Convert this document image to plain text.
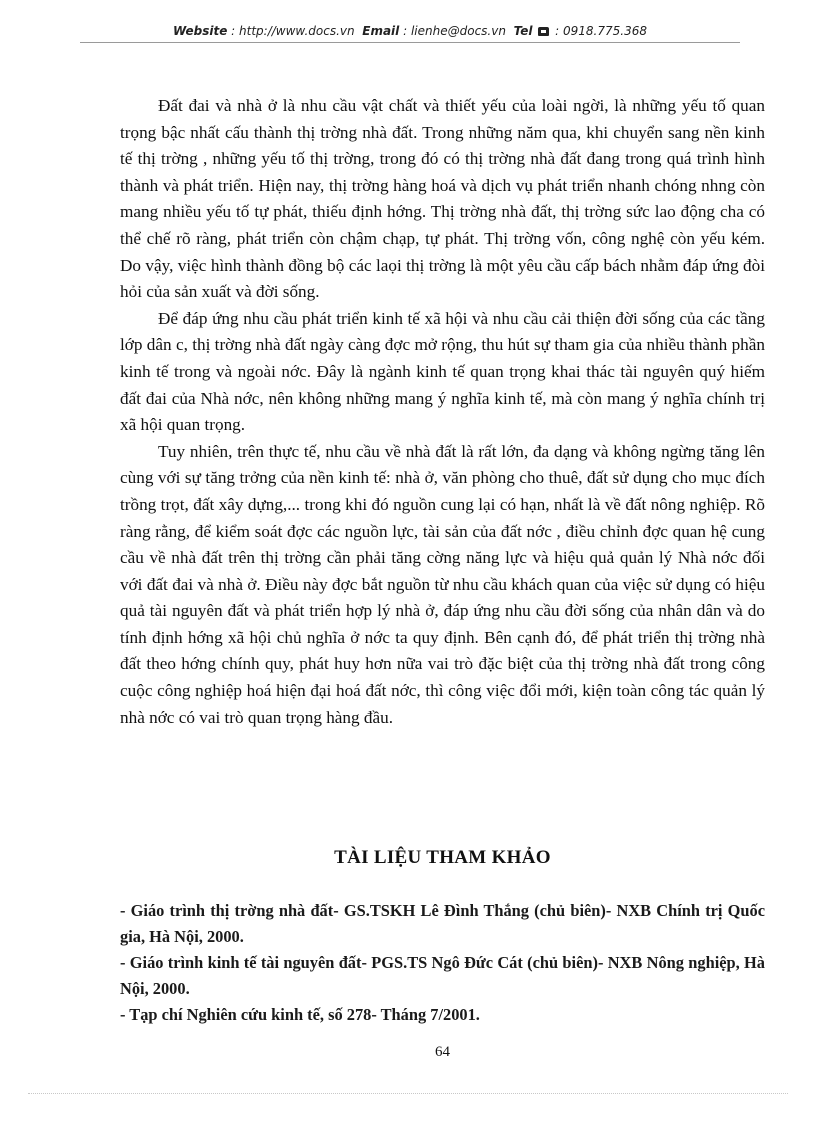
Website : http://www.docs.vn Email : lienhe@docs.vn Tel : 0918.775.368

Đất đai và nhà ở là nhu cầu vật chất và thiết yếu của loài ngời, là những yếu tố quan trọng bậc nhất cấu thành thị trờng nhà đất. Trong những năm qua, khi chuyển sang nền kinh tế thị trờng , những yếu tố thị trờng, trong đó có thị trờng nhà đất đang trong quá trình hình thành và phát triển. Hiện nay, thị trờng hàng hoá và dịch vụ phát triển nhanh chóng nhng còn mang nhiều yếu tố tự phát, thiếu định hớng. Thị trờng nhà đất, thị trờng sức lao động cha có thể chế rõ ràng, phát triển còn chậm chạp, tự phát. Thị trờng vốn, công nghệ còn yếu kém. Do vậy, việc hình thành đồng bộ các laọi thị trờng là một yêu cầu cấp bách nhằm đáp ứng đòi hỏi của sản xuất và đời sống.

Để đáp ứng nhu cầu phát triển kinh tế xã hội và nhu cầu cải thiện đời sống của các tầng lớp dân c, thị trờng nhà đất ngày càng đợc mở rộng, thu hút sự tham gia của nhiều thành phần kinh tế trong và ngoài nớc. Đây là ngành kinh tế quan trọng khai thác tài nguyên quý hiếm đất đai của Nhà nớc, nên không những mang ý nghĩa kinh tế, mà còn mang ý nghĩa chính trị xã hội quan trọng.

Tuy nhiên, trên thực tế, nhu cầu về nhà đất là rất lớn, đa dạng và không ngừng tăng lên cùng với sự tăng trởng của nền kinh tế: nhà ở, văn phòng cho thuê, đất sử dụng cho mục đích trồng trọt, đất xây dựng,... trong khi đó nguồn cung lại có hạn, nhất là về đất nông nghiệp. Rõ ràng rằng, để kiểm soát đợc các nguồn lực, tài sản của đất nớc , điều chỉnh đợc quan hệ cung cầu về nhà đất trên thị trờng cần phải tăng cờng năng lực và hiệu quả quản lý Nhà nớc đối với đất đai và nhà ở. Điều này đợc bắt nguồn từ nhu cầu khách quan của việc sử dụng có hiệu quả tài nguyên đất và phát triển hợp lý nhà ở, đáp ứng nhu cầu đời sống của nhân dân và do tính định hớng xã hội chủ nghĩa ở nớc ta quy định. Bên cạnh đó, để phát triển thị trờng nhà đất theo hớng chính quy, phát huy hơn nữa vai trò đặc biệt của thị trờng nhà đất trong công cuộc công nghiệp hoá hiện đại hoá đất nớc, thì công việc đổi mới, kiện toàn công tác quản lý nhà nớc có vai trò quan trọng hàng đầu.

TÀI LIỆU THAM KHẢO

- Giáo trình thị trờng nhà đất- GS.TSKH Lê Đình Thắng (chủ biên)- NXB Chính trị Quốc gia, Hà Nội, 2000.

- Giáo trình kinh tế tài nguyên đất- PGS.TS Ngô Đức Cát (chủ biên)- NXB Nông nghiệp, Hà Nội, 2000.

- Tạp chí Nghiên cứu kinh tế, số 278- Tháng 7/2001.

64
